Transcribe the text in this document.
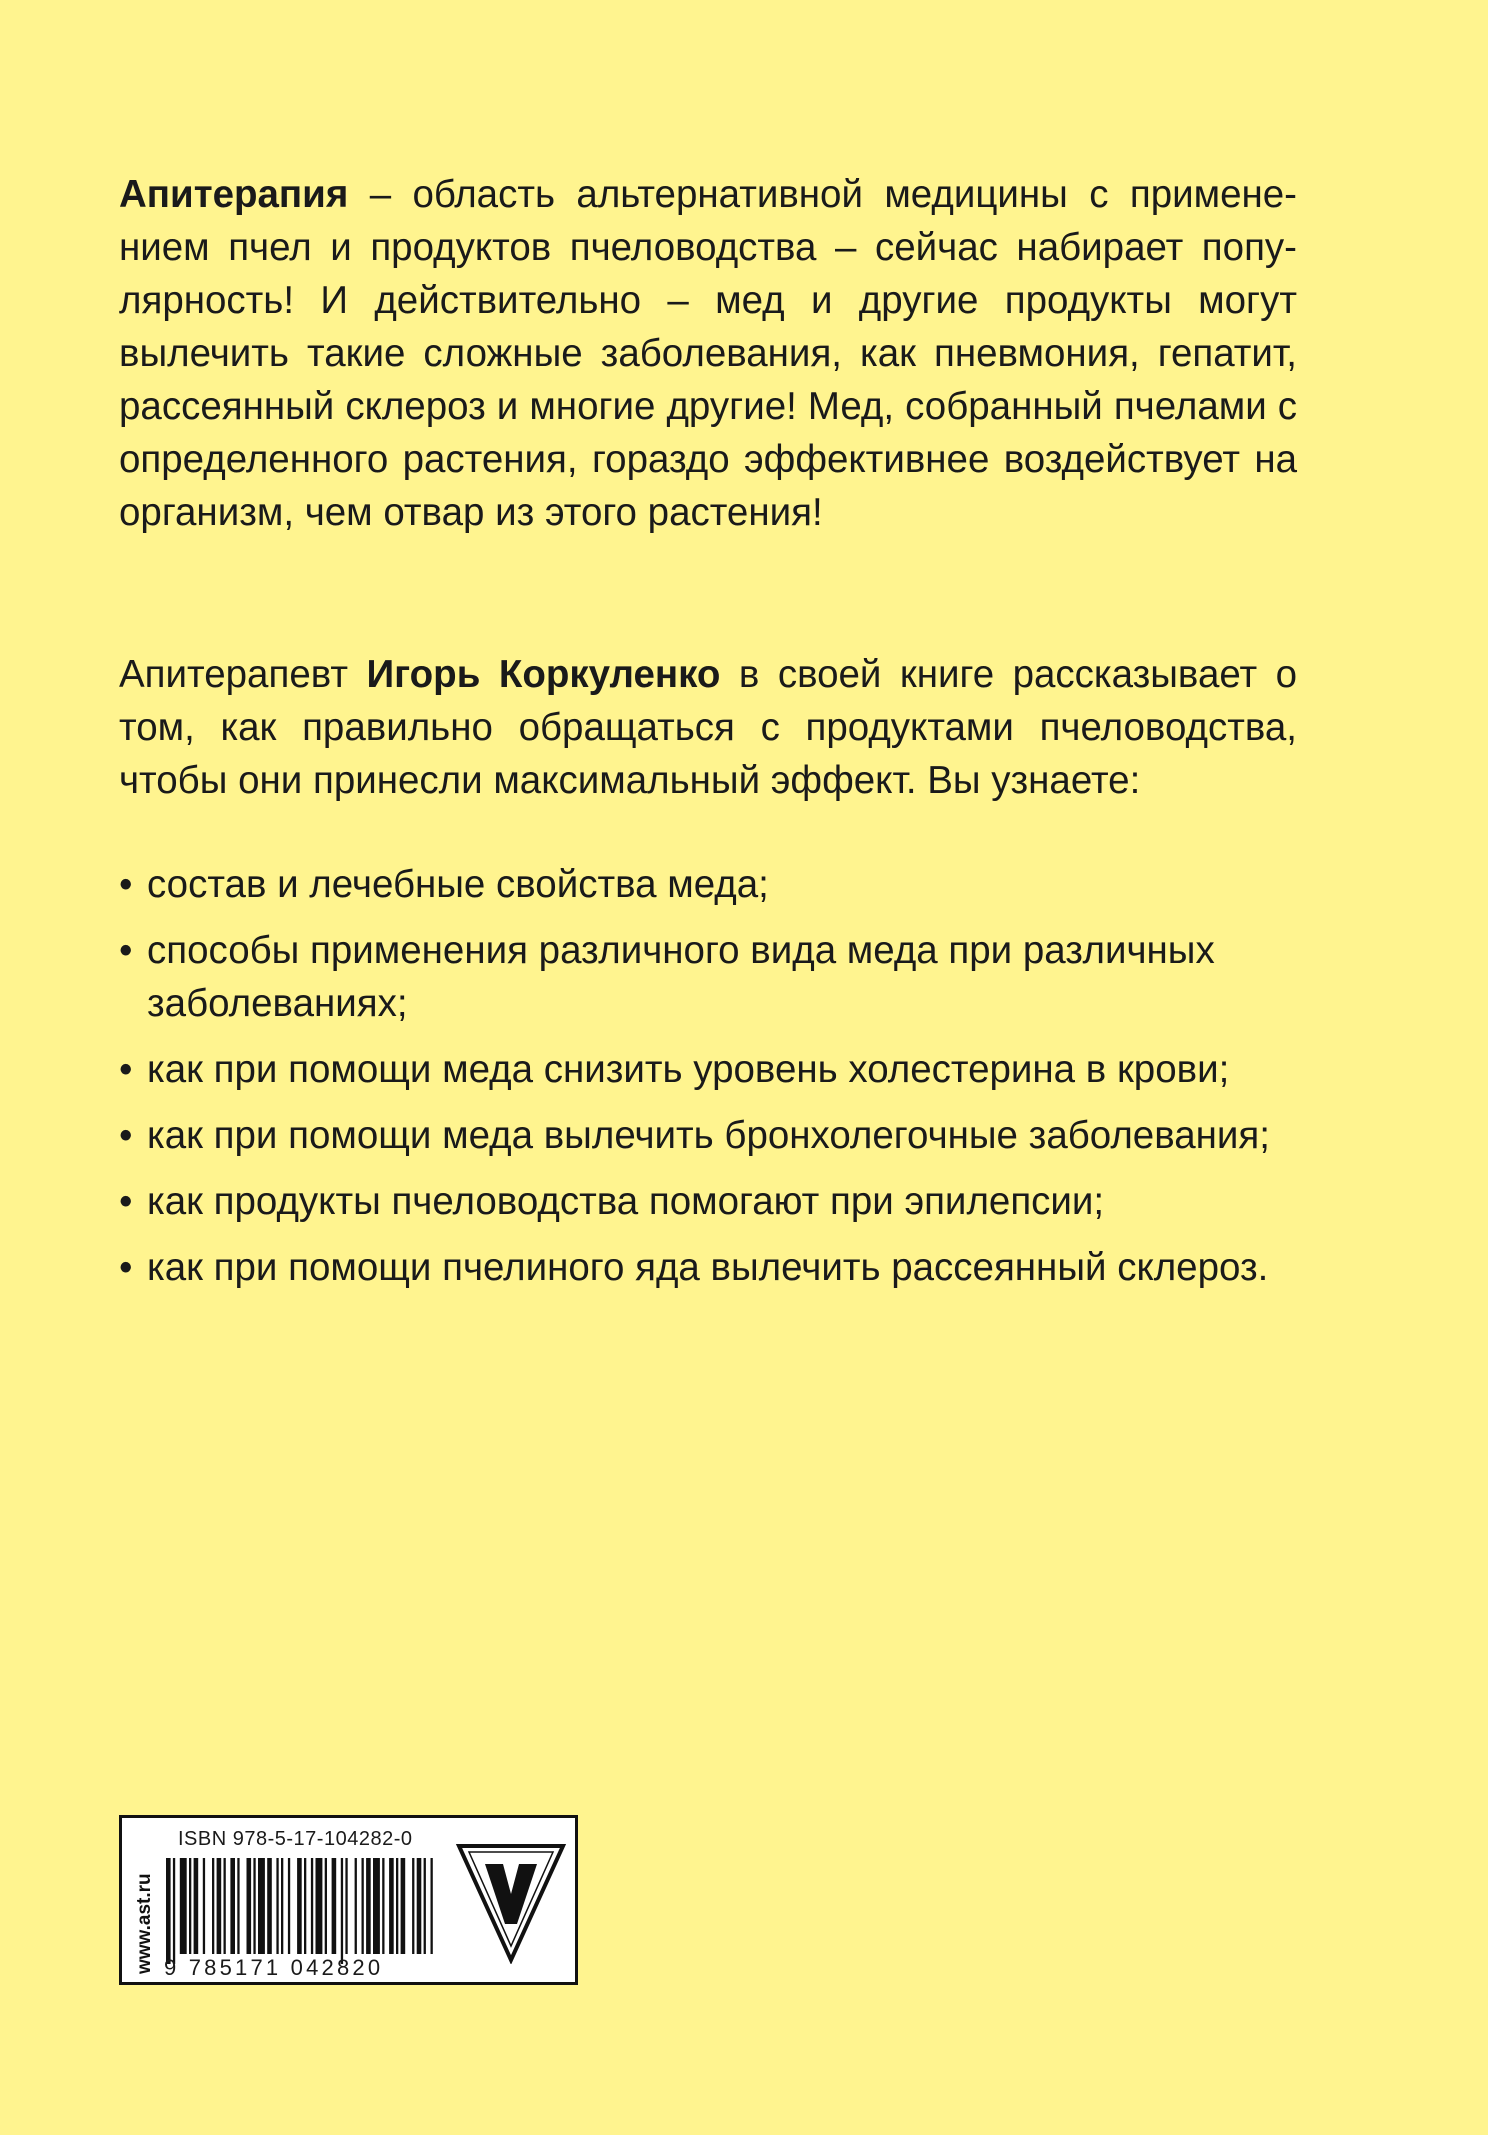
Апитерапия – область альтернативной медицины с применением пчел и продуктов пчеловодства – сейчас набирает популярность! И действительно – мед и другие продукты могут вылечить такие сложные заболевания, как пневмония, гепатит, рассеянный склероз и многие другие! Мед, собранный пчелами с определенного растения, гораздо эффективнее воздействует на организм, чем отвар из этого растения!
Апитерапевт Игорь Коркуленко в своей книге рассказывает о том, как правильно обращаться с продуктами пчеловодства, чтобы они принесли максимальный эффект. Вы узнаете:
• состав и лечебные свойства меда;
• способы применения различного вида меда при различных заболеваниях;
• как при помощи меда снизить уровень холестерина в крови;
• как при помощи меда вылечить бронхолегочные заболевания;
• как продукты пчеловодства помогают при эпилепсии;
• как при помощи пчелиного яда вылечить рассеянный склероз.
www.ast.ru
ISBN 978-5-17-104282-0
9 785171 042820
